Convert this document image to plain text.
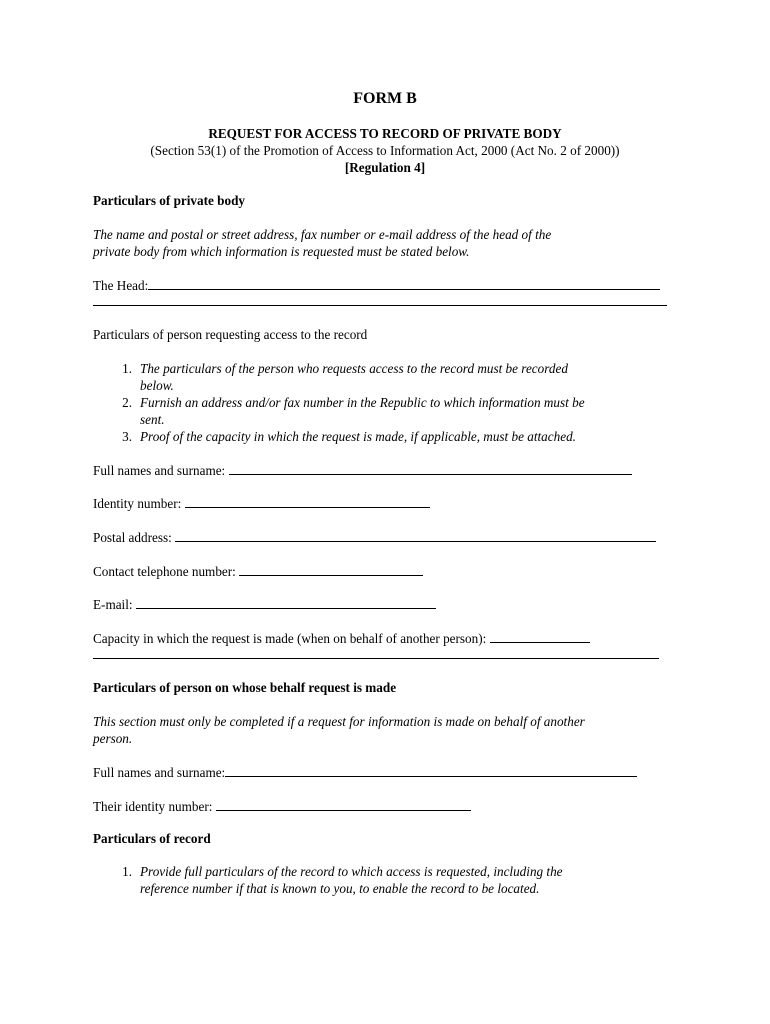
FORM B
REQUEST FOR ACCESS TO RECORD OF PRIVATE BODY
(Section 53(1) of the Promotion of Access to Information Act, 2000 (Act No. 2 of 2000))
[Regulation 4]
Particulars of private body
The name and postal or street address, fax number or e-mail address of the head of the
private body from which information is requested must be stated below.
The Head:
Particulars of person requesting access to the record
1. The particulars of the person who requests access to the record must be recorded
below.
2. Furnish an address and/or fax number in the Republic to which information must be
sent.
3. Proof of the capacity in which the request is made, if applicable, must be attached.
Full names and surname:
Identity number:
Postal address:
Contact telephone number:
E-mail:
Capacity in which the request is made (when on behalf of another person):
Particulars of person on whose behalf request is made
This section must only be completed if a request for information is made on behalf of another
person.
Full names and surname:
Their identity number:
Particulars of record
1. Provide full particulars of the record to which access is requested, including the
reference number if that is known to you, to enable the record to be located.
